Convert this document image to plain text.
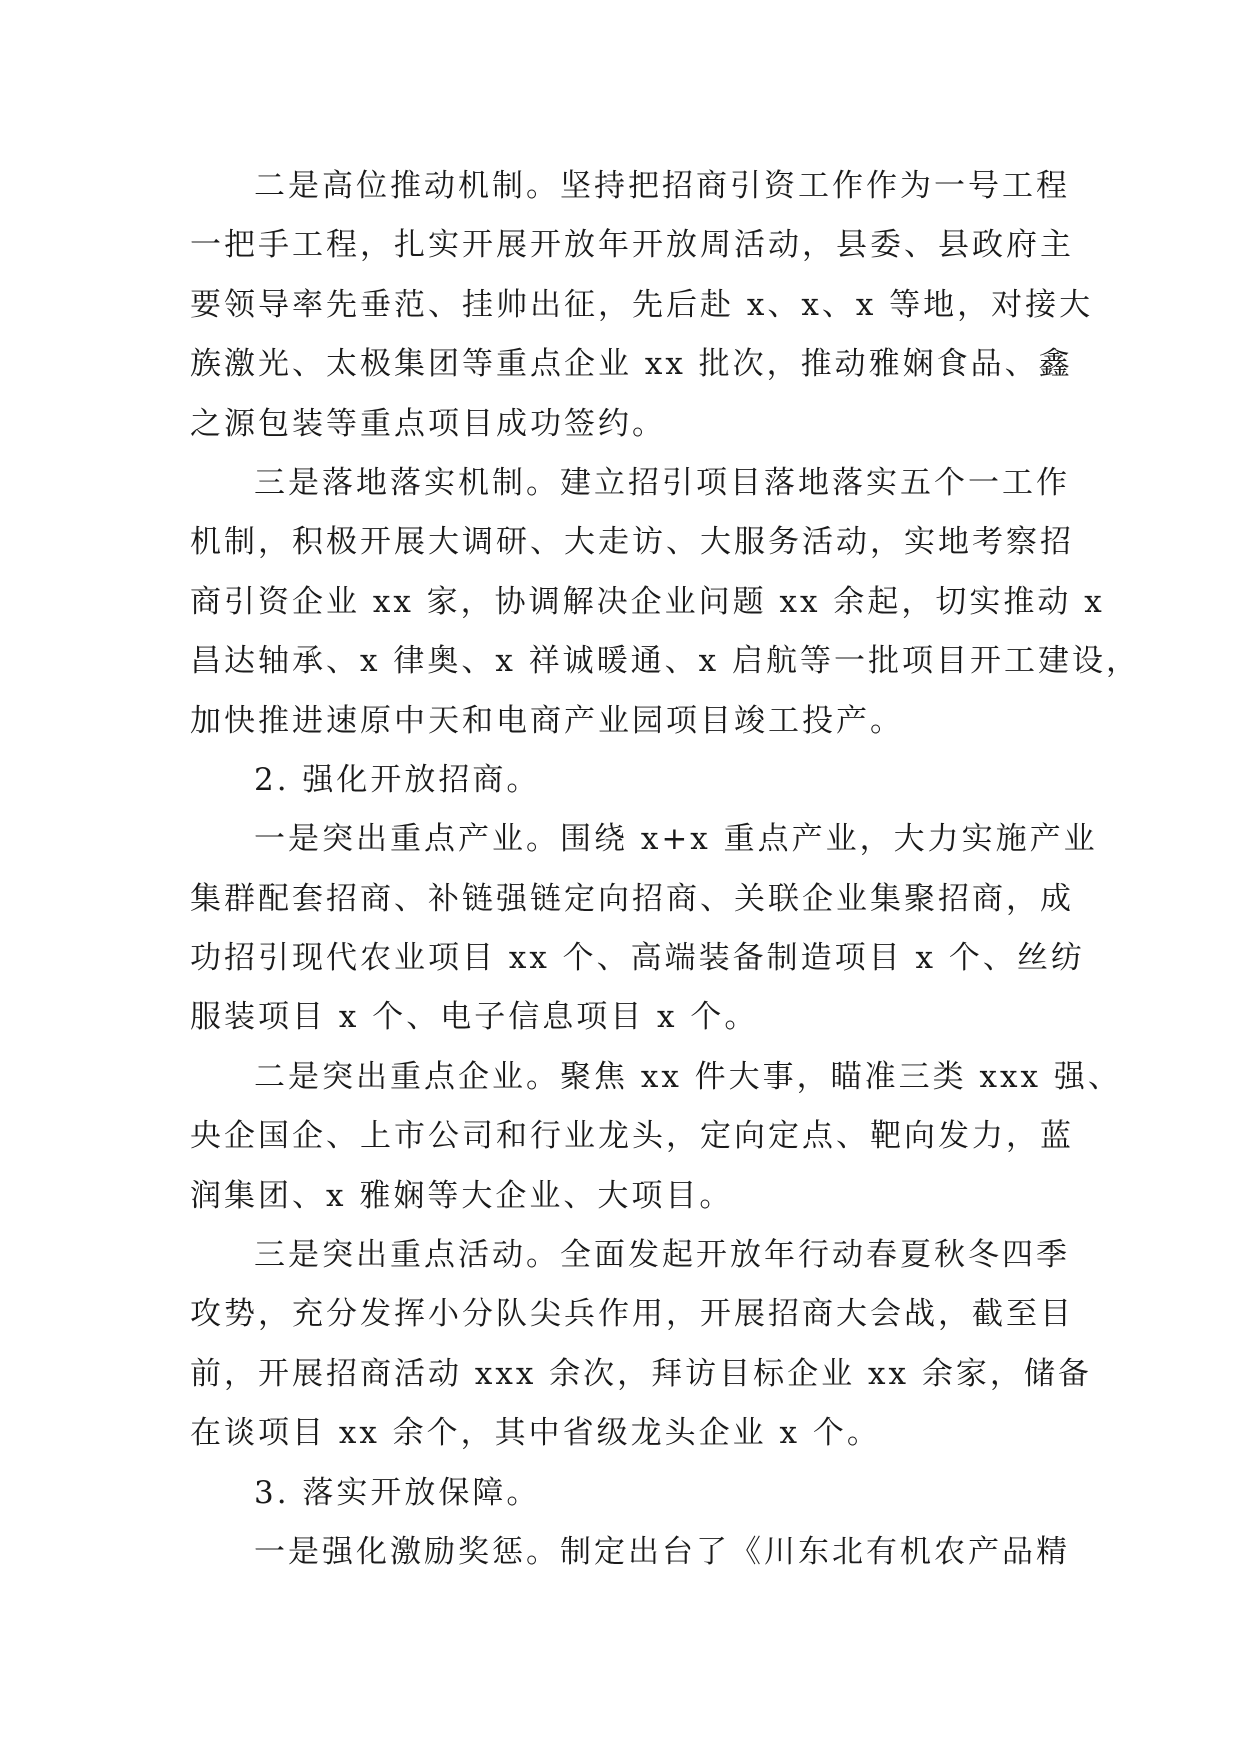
二是高位推动机制。坚持把招商引资工作作为一号工程
一把手工程，扎实开展开放年开放周活动，县委、县政府主
要领导率先垂范、挂帅出征，先后赴 x、x、x 等地，对接大
族激光、太极集团等重点企业 xx 批次，推动雅娴食品、鑫
之源包装等重点项目成功签约。
三是落地落实机制。建立招引项目落地落实五个一工作
机制，积极开展大调研、大走访、大服务活动，实地考察招
商引资企业 xx 家，协调解决企业问题 xx 余起，切实推动 x
昌达轴承、x 律奥、x 祥诚暖通、x 启航等一批项目开工建设，
加快推进速原中天和电商产业园项目竣工投产。
2. 强化开放招商。
一是突出重点产业。围绕 x+x 重点产业，大力实施产业
集群配套招商、补链强链定向招商、关联企业集聚招商，成
功招引现代农业项目 xx 个、高端装备制造项目 x 个、丝纺
服装项目 x 个、电子信息项目 x 个。
二是突出重点企业。聚焦 xx 件大事，瞄准三类 xxx 强、
央企国企、上市公司和行业龙头，定向定点、靶向发力，蓝
润集团、x 雅娴等大企业、大项目。
三是突出重点活动。全面发起开放年行动春夏秋冬四季
攻势，充分发挥小分队尖兵作用，开展招商大会战，截至目
前，开展招商活动 xxx 余次，拜访目标企业 xx 余家，储备
在谈项目 xx 余个，其中省级龙头企业 x 个。
3. 落实开放保障。
一是强化激励奖惩。制定出台了《川东北有机农产品精
